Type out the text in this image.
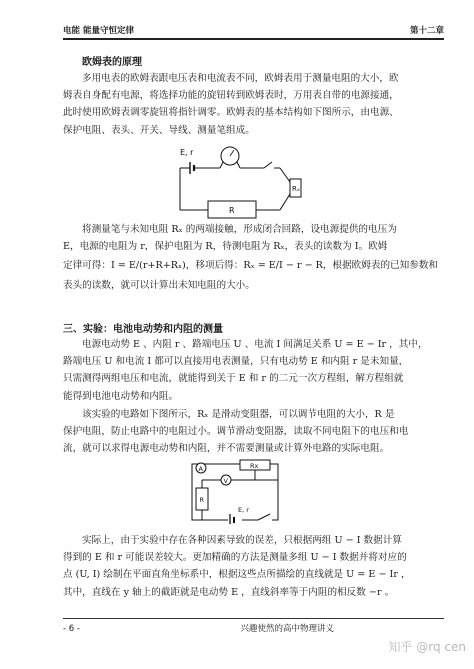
电能 能量守恒定律	第十二章
欧姆表的原理
多用电表的欧姆表跟电压表和电流表不同，欧姆表用于测量电阻的大小，欧
姆表自身配有电源，将选择功能的旋钮转到欧姆表时，万用表自带的电源接通，
此时使用欧姆表调零旋钮将指针调零。欧姆表的基本结构如下图所示，由电源、
保护电阻、表头、开关、导线、测量笔组成。
E, r
R
Rₓ
将测量笔与未知电阻 Rₓ 的两端接触，形成闭合回路，设电源提供的电压为
E，电源的电阻为 r，保护电阻为 R，待测电阻为 Rₓ，表头的读数为 I。欧姆
定律可得：I = E/(r+R+Rₓ)，移项后得：Rₓ = E/I − r − R，根据欧姆表的已知参数和
表头的读数，就可以计算出未知电阻的大小。
三、实验：电池电动势和内阻的测量
电源电动势 E 、内阻 r 、路端电压 U 、电流 I 间满足关系 U = E − Ir ，其中，
路端电压 U 和电流 I 都可以直接用电表测量，只有电动势 E 和内阻 r 是未知量，
只需测得两组电压和电流，就能得到关于 E 和 r 的二元一次方程组，解方程组就
能得到电池电动势和内阻。
该实验的电路如下图所示，Rₓ 是滑动变阻器，可以调节电阻的大小，R 是
保护电阻，防止电路中的电阻过小。调节滑动变阻器，读取不同电阻下的电压和电
流，就可以求得电源电动势和内阻，并不需要测量或计算外电路的实际电阻。
A	Rx
V
R
E, r
实际上，由于实验中存在各种因素导致的误差，只根据两组 U − I 数据计算
得到的 E 和 r 可能误差较大。更加精确的方法是测量多组 U − I 数据并将对应的
点 (U, I) 绘制在平面直角坐标系中，根据这些点所描绘的直线就是 U = E − Ir ，
其中，直线在 y 轴上的截距就是电动势 E ，直线斜率等于内阻的相反数 −r 。
- 6 -	兴趣使然的高中物理讲义
知乎 @rq cen
